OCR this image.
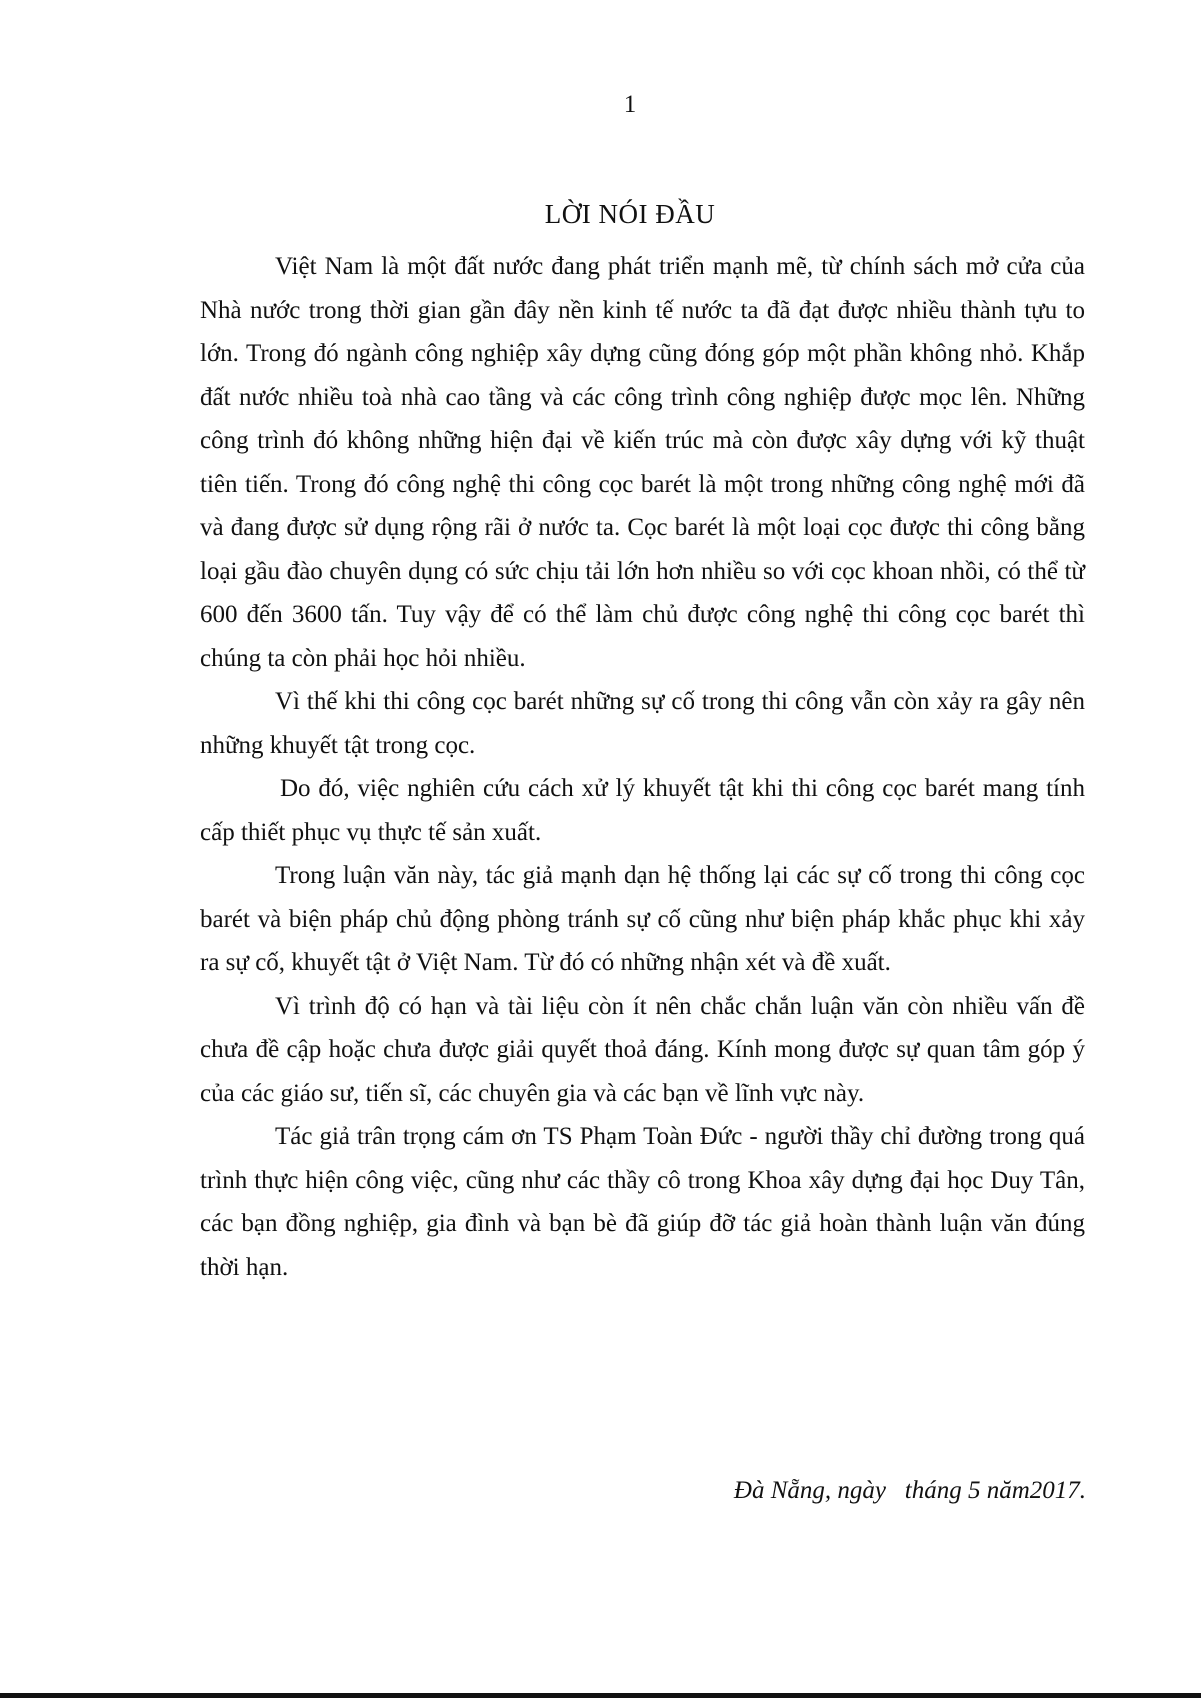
1
LỜI NÓI ĐẦU

Việt Nam là một đất nước đang phát triển mạnh mẽ, từ chính sách mở cửa của Nhà nước trong thời gian gần đây nền kinh tế nước ta đã đạt được nhiều thành tựu to lớn. Trong đó ngành công nghiệp xây dựng cũng đóng góp một phần không nhỏ. Khắp đất nước nhiều toà nhà cao tầng và các công trình công nghiệp được mọc lên. Những công trình đó không những hiện đại về kiến trúc mà còn được xây dựng với kỹ thuật tiên tiến. Trong đó công nghệ thi công cọc barét là một trong những công nghệ mới đã và đang được sử dụng rộng rãi ở nước ta. Cọc barét là một loại cọc được thi công bằng loại gầu đào chuyên dụng có sức chịu tải lớn hơn nhiều so với cọc khoan nhồi, có thể từ 600 đến 3600 tấn. Tuy vậy để có thể làm chủ được công nghệ thi công cọc barét thì chúng ta còn phải học hỏi nhiều.

Vì thế khi thi công cọc barét những sự cố trong thi công vẫn còn xảy ra gây nên những khuyết tật trong cọc.

Do đó, việc nghiên cứu cách xử lý khuyết tật khi thi công cọc barét mang tính cấp thiết phục vụ thực tế sản xuất.

Trong luận văn này, tác giả mạnh dạn hệ thống lại các sự cố trong thi công cọc barét và biện pháp chủ động phòng tránh sự cố cũng như biện pháp khắc phục khi xảy ra sự cố, khuyết tật ở Việt Nam. Từ đó có những nhận xét và đề xuất.

Vì trình độ có hạn và tài liệu còn ít nên chắc chắn luận văn còn nhiều vấn đề chưa đề cập hoặc chưa được giải quyết thoả đáng. Kính mong được sự quan tâm góp ý của các giáo sư, tiến sĩ, các chuyên gia và các bạn về lĩnh vực này.

Tác giả trân trọng cám ơn TS Phạm Toàn Đức - người thầy chỉ đường trong quá trình thực hiện công việc, cũng như các thầy cô trong Khoa xây dựng đại học Duy Tân, các bạn đồng nghiệp, gia đình và bạn bè đã giúp đỡ tác giả hoàn thành luận văn đúng thời hạn.

Đà Nẵng, ngày   tháng 5 năm2017.
